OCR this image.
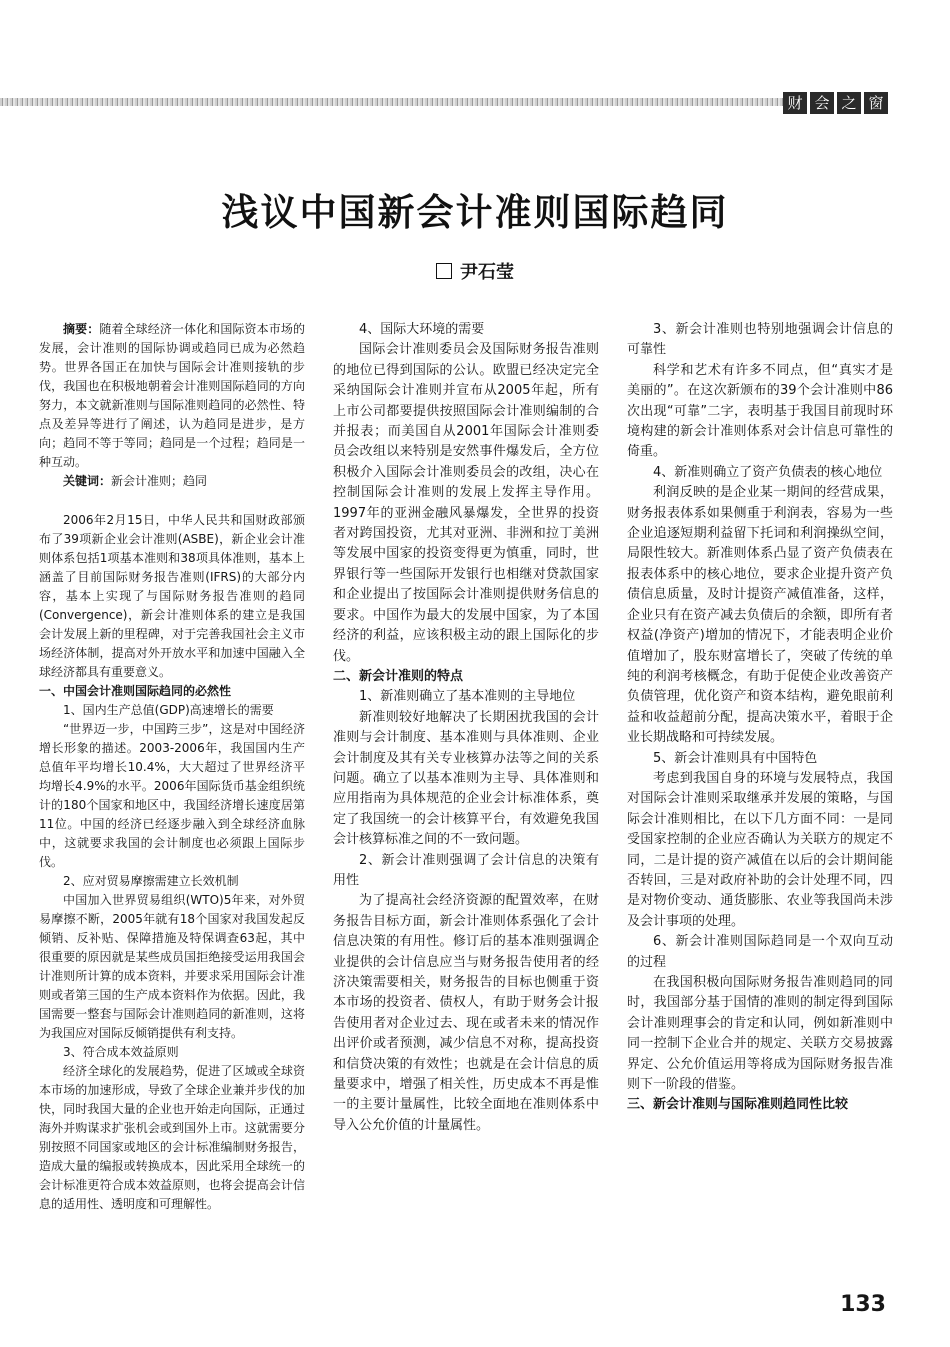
财 会 之 窗
浅议中国新会计准则国际趋同
尹石莹

摘要：随着全球经济一体化和国际资本市场的发展，会计准则的国际协调或趋同已成为必然趋势。世界各国正在加快与国际会计准则接轨的步伐，我国也在积极地朝着会计准则国际趋同的方向努力，本文就新准则与国际准则趋同的必然性、特点及差异等进行了阐述，认为趋同是进步，是方向；趋同不等于等同；趋同是一个过程；趋同是一种互动。

关键词：新会计准则；趋同

2006年2月15日，中华人民共和国财政部颁布了39项新企业会计准则(ASBE)，新企业会计准则体系包括1项基本准则和38项具体准则，基本上涵盖了目前国际财务报告准则(IFRS)的大部分内容，基本上实现了与国际财务报告准则的趋同(Convergence)，新会计准则体系的建立是我国会计发展上新的里程碑，对于完善我国社会主义市场经济体制，提高对外开放水平和加速中国融入全球经济都具有重要意义。

一、中国会计准则国际趋同的必然性
1、国内生产总值(GDP)高速增长的需要

“世界迈一步，中国跨三步”，这是对中国经济增长形象的描述。2003-2006年，我国国内生产总值年平均增长10.4%，大大超过了世界经济平均增长4.9%的水平。2006年国际货币基金组织统计的180个国家和地区中，我国经济增长速度居第11位。中国的经济已经逐步融入到全球经济血脉中，这就要求我国的会计制度也必须跟上国际步伐。

2、应对贸易摩擦需建立长效机制

中国加入世界贸易组织(WTO)5年来，对外贸易摩擦不断，2005年就有18个国家对我国发起反倾销、反补贴、保障措施及特保调查63起，其中很重要的原因就是某些成员国拒绝接受运用我国会计准则所计算的成本资料，并要求采用国际会计准则或者第三国的生产成本资料作为依据。因此，我国需要一整套与国际会计准则趋同的新准则，这将为我国应对国际反倾销提供有利支持。

3、符合成本效益原则

经济全球化的发展趋势，促进了区域或全球资本市场的加速形成，导致了全球企业兼并步伐的加快，同时我国大量的企业也开始走向国际，正通过海外并购谋求扩张机会或到国外上市。这就需要分别按照不同国家或地区的会计标准编制财务报告，造成大量的编报或转换成本，因此采用全球统一的会计标准更符合成本效益原则，也将会提高会计信息的适用性、透明度和可理解性。

4、国际大环境的需要

国际会计准则委员会及国际财务报告准则的地位已得到国际的公认。欧盟已经决定完全采纳国际会计准则并宣布从2005年起，所有上市公司都要提供按照国际会计准则编制的合并报表；而美国自从2001年国际会计准则委员会改组以来特别是安然事件爆发后，全方位积极介入国际会计准则委员会的改组，决心在控制国际会计准则的发展上发挥主导作用。1997年的亚洲金融风暴爆发，全世界的投资者对跨国投资，尤其对亚洲、非洲和拉丁美洲等发展中国家的投资变得更为慎重，同时，世界银行等一些国际开发银行也相继对贷款国家和企业提出了按国际会计准则提供财务信息的要求。中国作为最大的发展中国家，为了本国经济的利益，应该积极主动的跟上国际化的步伐。

二、新会计准则的特点
1、新准则确立了基本准则的主导地位

新准则较好地解决了长期困扰我国的会计准则与会计制度、基本准则与具体准则、企业会计制度及其有关专业核算办法等之间的关系问题。确立了以基本准则为主导、具体准则和应用指南为具体规范的企业会计标准体系，奠定了我国统一的会计核算平台，有效避免我国会计核算标准之间的不一致问题。

2、新会计准则强调了会计信息的决策有用性

为了提高社会经济资源的配置效率，在财务报告目标方面，新会计准则体系强化了会计信息决策的有用性。修订后的基本准则强调企业提供的会计信息应当与财务报告使用者的经济决策需要相关，财务报告的目标也侧重于资本市场的投资者、债权人，有助于财务会计报告使用者对企业过去、现在或者未来的情况作出评价或者预测，减少信息不对称，提高投资和信贷决策的有效性；也就是在会计信息的质量要求中，增强了相关性，历史成本不再是惟一的主要计量属性，比较全面地在准则体系中导入公允价值的计量属性。

3、新会计准则也特别地强调会计信息的可靠性

科学和艺术有许多不同点，但“真实才是美丽的”。在这次新颁布的39个会计准则中86次出现“可靠”二字，表明基于我国目前现时环境构建的新会计准则体系对会计信息可靠性的倚重。

4、新准则确立了资产负债表的核心地位

利润反映的是企业某一期间的经营成果，财务报表体系如果侧重于利润表，容易为一些企业追逐短期利益留下托词和利润操纵空间，局限性较大。新准则体系凸显了资产负债表在报表体系中的核心地位，要求企业提升资产负债信息质量，及时计提资产减值准备，这样，企业只有在资产减去负债后的余额，即所有者权益(净资产)增加的情况下，才能表明企业价值增加了，股东财富增长了，突破了传统的单纯的利润考核概念，有助于促使企业改善资产负债管理，优化资产和资本结构，避免眼前利益和收益超前分配，提高决策水平，着眼于企业长期战略和可持续发展。

5、新会计准则具有中国特色

考虑到我国自身的环境与发展特点，我国对国际会计准则采取继承并发展的策略，与国际会计准则相比，在以下几方面不同：一是同受国家控制的企业应否确认为关联方的规定不同，二是计提的资产减值在以后的会计期间能否转回，三是对政府补助的会计处理不同，四是对物价变动、通货膨胀、农业等我国尚未涉及会计事项的处理。

6、新会计准则国际趋同是一个双向互动的过程

在我国积极向国际财务报告准则趋同的同时，我国部分基于国情的准则的制定得到国际会计准则理事会的肯定和认同，例如新准则中同一控制下企业合并的规定、关联方交易披露界定、公允价值运用等将成为国际财务报告准则下一阶段的借鉴。

三、新会计准则与国际准则趋同性比较
133
